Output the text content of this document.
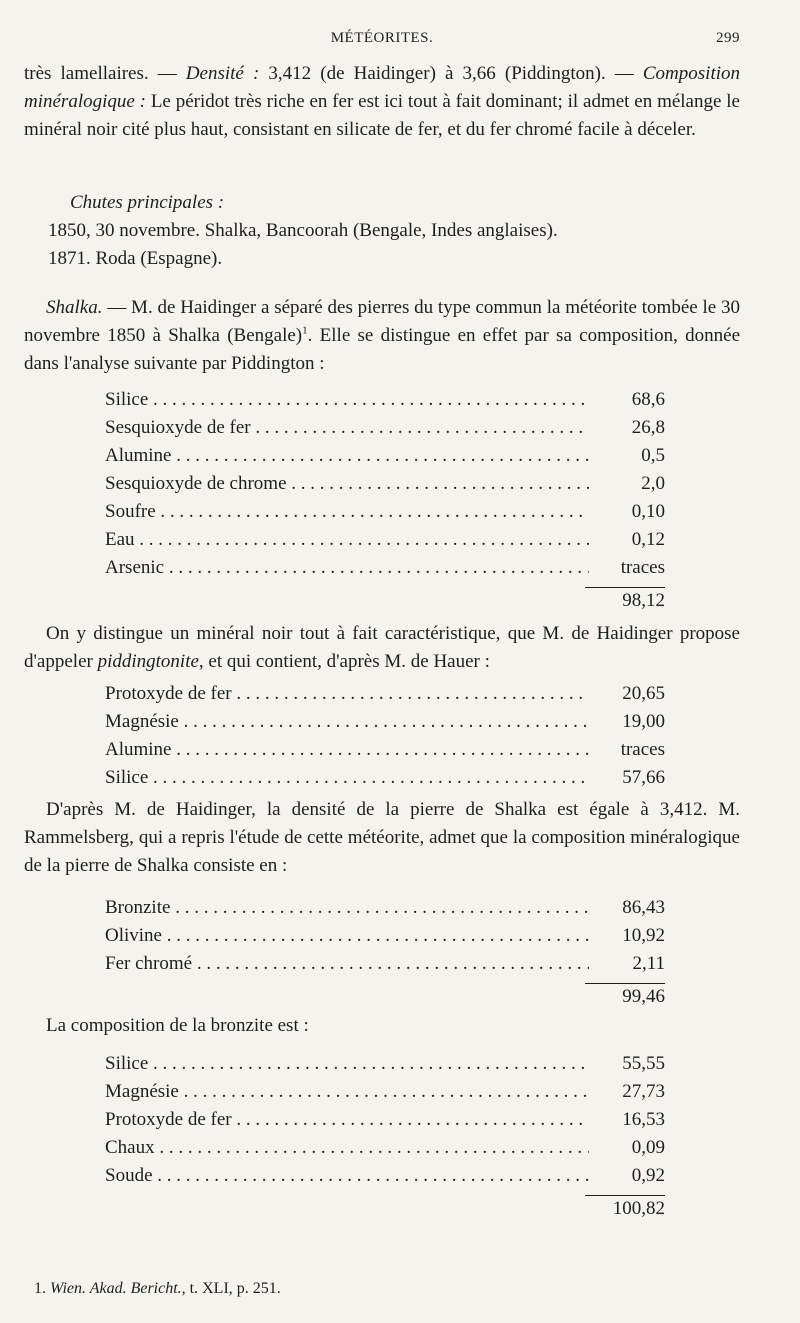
MÉTÉORITES.	299
très lamellaires. — Densité : 3,412 (de Haidinger) à 3,66 (Piddington). — Composition minéralogique : Le péridot très riche en fer est ici tout à fait dominant; il admet en mélange le minéral noir cité plus haut, consistant en silicate de fer, et du fer chromé facile à déceler.
Chutes principales :
1850, 30 novembre. Shalka, Bancoorah (Bengale, Indes anglaises).
1871. Roda (Espagne).
Shalka. — M. de Haidinger a séparé des pierres du type commun la météorite tombée le 30 novembre 1850 à Shalka (Bengale)$^1$. Elle se distingue en effet par sa composition, donnée dans l'analyse suivante par Piddington :
Silice . . .	68,6
Sesquioxyde de fer . . .	26,8
Alumine . . .	0,5
Sesquioxyde de chrome . . .	2,0
Soufre . . .	0,10
Eau . . .	0,12
Arsenic . . .	traces
98,12
On y distingue un minéral noir tout à fait caractéristique, que M. de Haidinger propose d'appeler piddingtonite, et qui contient, d'après M. de Hauer :
Protoxyde de fer . . .	20,65
Magnésie . . .	19,00
Alumine . . .	traces
Silice . . .	57,66
D'après M. de Haidinger, la densité de la pierre de Shalka est égale à 3,412. M. Rammelsberg, qui a repris l'étude de cette météorite, admet que la composition minéralogique de la pierre de Shalka consiste en :
Bronzite . . .	86,43
Olivine . . .	10,92
Fer chromé . . .	2,11
99,46
La composition de la bronzite est :
Silice . . .	55,55
Magnésie . . .	27,73
Protoxyde de fer . . .	16,53
Chaux . . .	0,09
Soude . . .	0,92
100,82
1. Wien. Akad. Bericht., t. XLI, p. 251.
